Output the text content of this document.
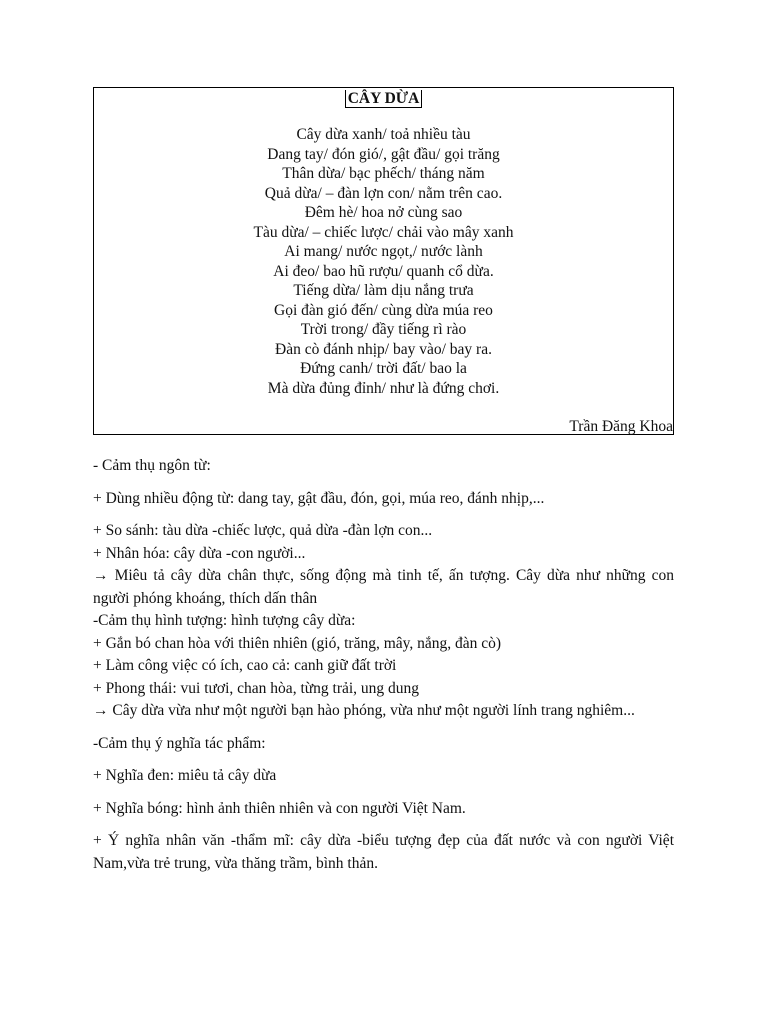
CÂY DỪA
Cây dừa xanh/ toả nhiều tàu
Dang tay/ đón gió/, gật đầu/ gọi trăng
Thân dừa/ bạc phếch/ tháng năm
Quả dừa/ – đàn lợn con/ nằm trên cao.
Đêm hè/ hoa nở cùng sao
Tàu dừa/ – chiếc lược/ chải vào mây xanh
Ai mang/ nước ngọt,/ nước lành
Ai đeo/ bao hũ rượu/ quanh cổ dừa.
Tiếng dừa/ làm dịu nắng trưa
Gọi đàn gió đến/ cùng dừa múa reo
Trời trong/ đầy tiếng rì rào
Đàn cò đánh nhịp/ bay vào/ bay ra.
Đứng canh/ trời đất/ bao la
Mà dừa đủng đỉnh/ như là đứng chơi.
Trần Đăng Khoa

- Cảm thụ ngôn từ:

+ Dùng nhiều động từ: dang tay, gật đầu, đón, gọi, múa reo, đánh nhịp,...

+ So sánh: tàu dừa -chiếc lược, quả dừa -đàn lợn con...

+ Nhân hóa: cây dừa -con người...

→ Miêu tả cây dừa chân thực, sống động mà tinh tế, ấn tượng. Cây dừa như những con người phóng khoáng, thích dấn thân

-Cảm thụ hình tượng: hình tượng cây dừa:

+ Gắn bó chan hòa với thiên nhiên (gió, trăng, mây, nắng, đàn cò)

+ Làm công việc có ích, cao cả: canh giữ đất trời

+ Phong thái: vui tươi, chan hòa, từng trải, ung dung

→ Cây dừa vừa như một người bạn hào phóng, vừa như một người lính trang nghiêm...

-Cảm thụ ý nghĩa tác phẩm:

+ Nghĩa đen: miêu tả cây dừa

+ Nghĩa bóng: hình ảnh thiên nhiên và con người Việt Nam.

+ Ý nghĩa nhân văn -thẩm mĩ: cây dừa -biểu tượng đẹp của đất nước và con người Việt Nam,vừa trẻ trung, vừa thăng trầm, bình thản.
